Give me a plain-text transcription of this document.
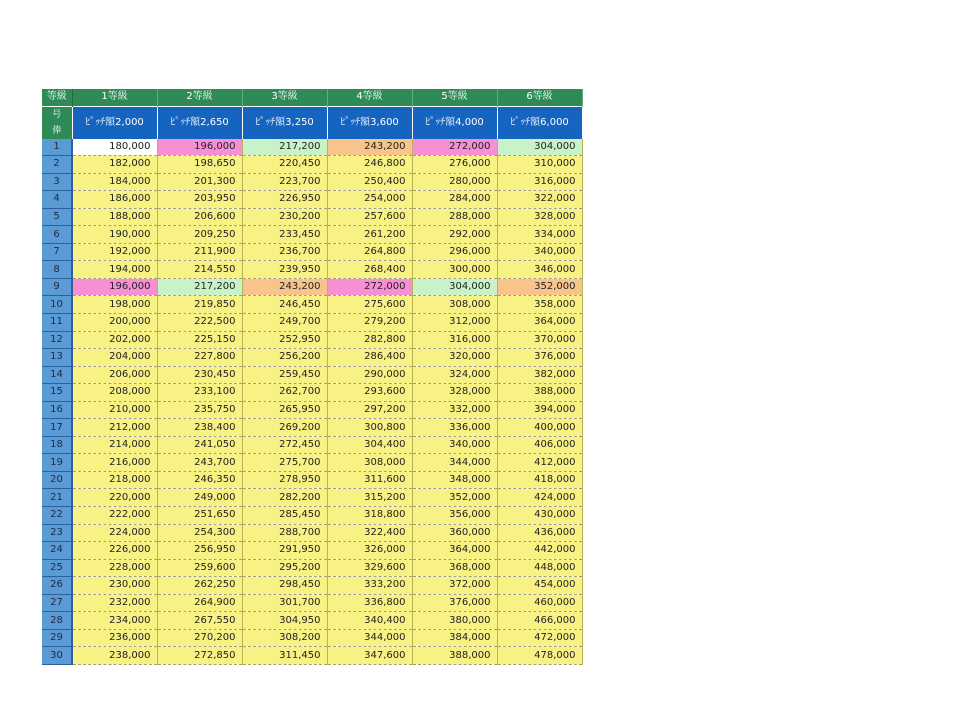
等級	1等級	2等級	3等級	4等級	5等級	6等級

号
俸	ﾋﾟｯﾁ額2,000	ﾋﾟｯﾁ額2,650	ﾋﾟｯﾁ額3,250	ﾋﾟｯﾁ額3,600	ﾋﾟｯﾁ額4,000	ﾋﾟｯﾁ額6,000
1	180,000	196,000	217,200	243,200	272,000	304,000
2	182,000	198,650	220,450	246,800	276,000	310,000
3	184,000	201,300	223,700	250,400	280,000	316,000
4	186,000	203,950	226,950	254,000	284,000	322,000
5	188,000	206,600	230,200	257,600	288,000	328,000
6	190,000	209,250	233,450	261,200	292,000	334,000
7	192,000	211,900	236,700	264,800	296,000	340,000
8	194,000	214,550	239,950	268,400	300,000	346,000
9	196,000	217,200	243,200	272,000	304,000	352,000
10	198,000	219,850	246,450	275,600	308,000	358,000
11	200,000	222,500	249,700	279,200	312,000	364,000
12	202,000	225,150	252,950	282,800	316,000	370,000
13	204,000	227,800	256,200	286,400	320,000	376,000
14	206,000	230,450	259,450	290,000	324,000	382,000
15	208,000	233,100	262,700	293,600	328,000	388,000
16	210,000	235,750	265,950	297,200	332,000	394,000
17	212,000	238,400	269,200	300,800	336,000	400,000
18	214,000	241,050	272,450	304,400	340,000	406,000
19	216,000	243,700	275,700	308,000	344,000	412,000
20	218,000	246,350	278,950	311,600	348,000	418,000
21	220,000	249,000	282,200	315,200	352,000	424,000
22	222,000	251,650	285,450	318,800	356,000	430,000
23	224,000	254,300	288,700	322,400	360,000	436,000
24	226,000	256,950	291,950	326,000	364,000	442,000
25	228,000	259,600	295,200	329,600	368,000	448,000
26	230,000	262,250	298,450	333,200	372,000	454,000
27	232,000	264,900	301,700	336,800	376,000	460,000
28	234,000	267,550	304,950	340,400	380,000	466,000
29	236,000	270,200	308,200	344,000	384,000	472,000
30	238,000	272,850	311,450	347,600	388,000	478,000
